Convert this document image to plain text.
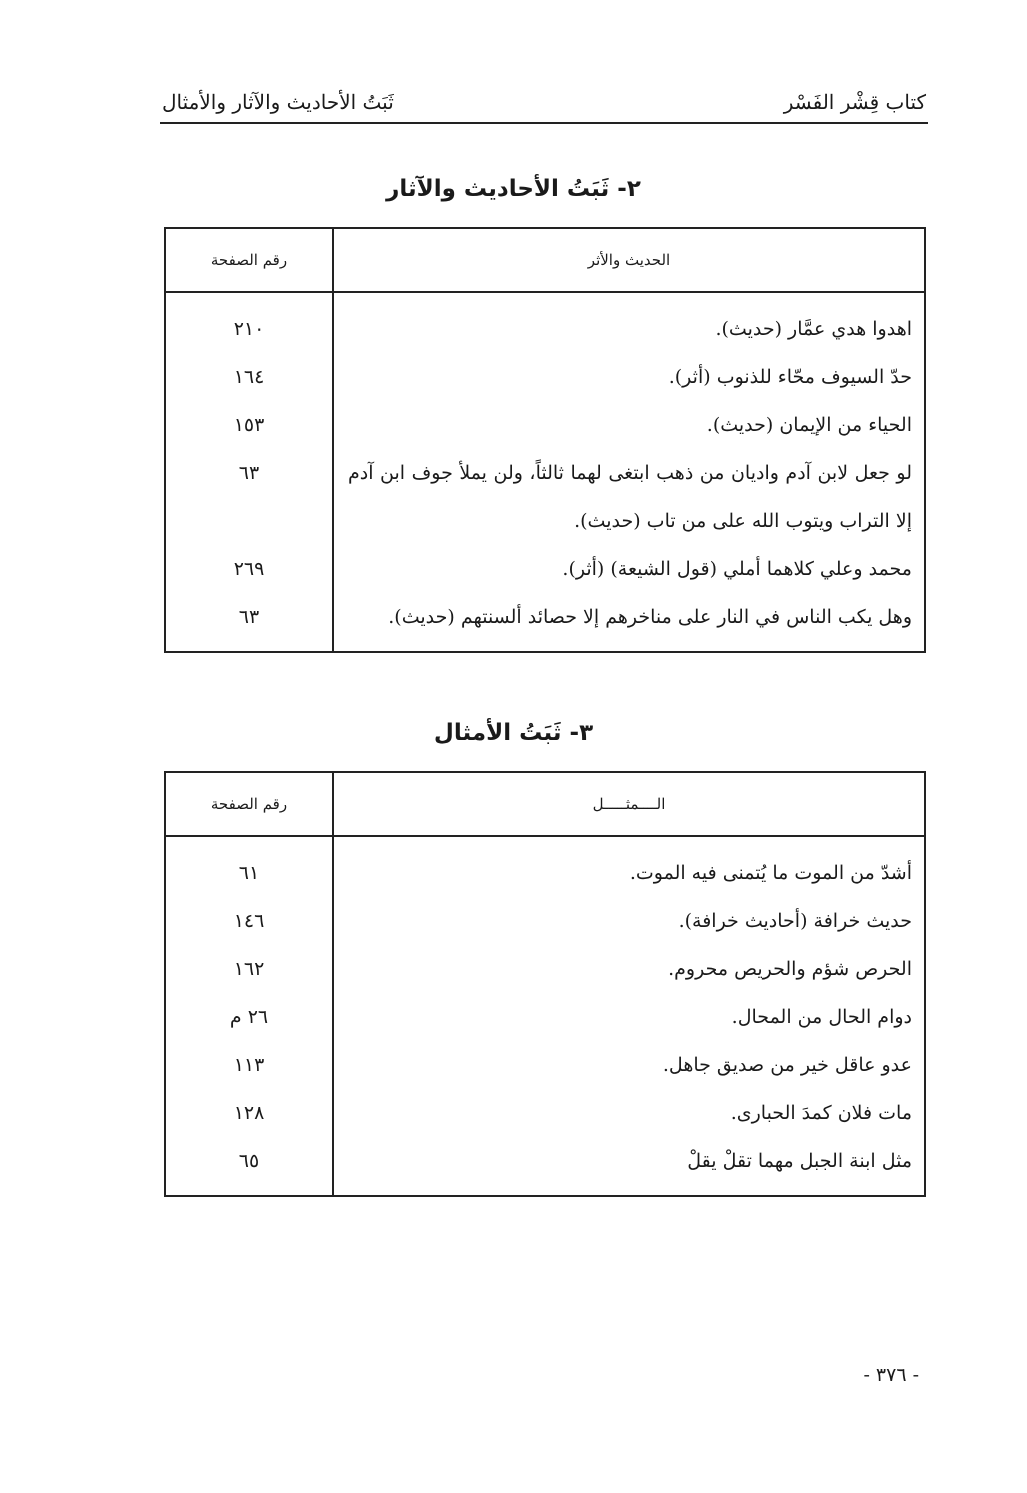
كتاب قِشْر الفَسْر
ثَبَتُ الأحاديث والآثار والأمثال
٢- ثَبَتُ الأحاديث والآثار
الحديث والأثر
رقم الصفحة
اهدوا هدي عمَّار (حديث).
حدّ السيوف محّاء للذنوب (أثر).
الحياء من الإيمان (حديث).
لو جعل لابن آدم واديان من ذهب ابتغى لهما ثالثاً، ولن يملأ جوف ابن آدم إلا التراب ويتوب الله على من تاب (حديث).
محمد وعلي كلاهما أملي (قول الشيعة) (أثر).
وهل يكب الناس في النار على مناخرهم إلا حصائد ألسنتهم (حديث).
٢١٠
١٦٤
١٥٣
٦٣
٢٦٩
٦٣
٣- ثَبَتُ الأمثال
الــــمثـــــل
رقم الصفحة
أشدّ من الموت ما يُتمنى فيه الموت.
حديث خرافة (أحاديث خرافة).
الحرص شؤم والحريص محروم.
دوام الحال من المحال.
عدو عاقل خير من صديق جاهل.
مات فلان كمدَ الحبارى.
مثل ابنة الجبل مهما تقلْ يقلْ
٦١
١٤٦
١٦٢
٢٦ م
١١٣
١٢٨
٦٥
- ٣٧٦ -
